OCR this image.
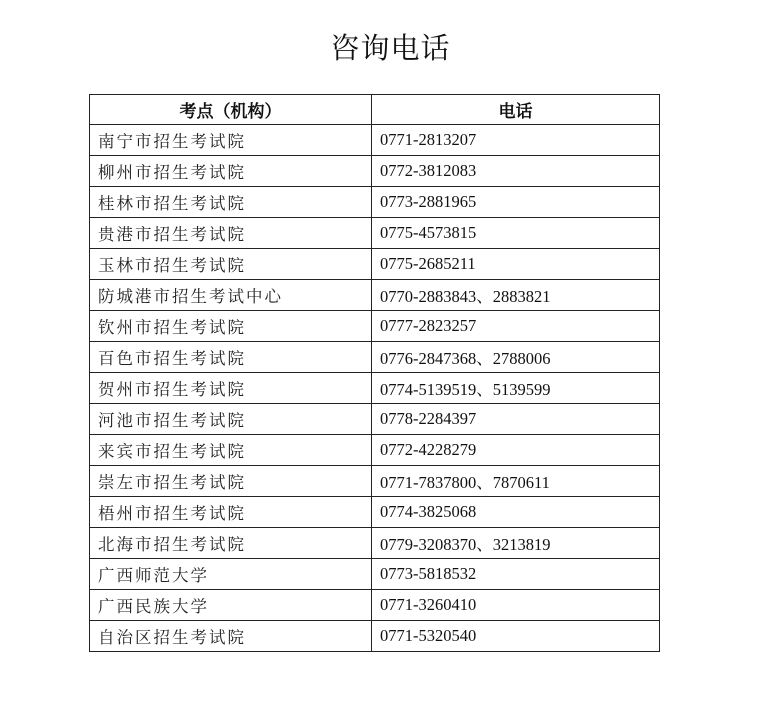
咨询电话
考点（机构）	电话
南宁市招生考试院	0771-2813207
柳州市招生考试院	0772-3812083
桂林市招生考试院	0773-2881965
贵港市招生考试院	0775-4573815
玉林市招生考试院	0775-2685211
防城港市招生考试中心	0770-2883843、2883821
钦州市招生考试院	0777-2823257
百色市招生考试院	0776-2847368、2788006
贺州市招生考试院	0774-5139519、5139599
河池市招生考试院	0778-2284397
来宾市招生考试院	0772-4228279
崇左市招生考试院	0771-7837800、7870611
梧州市招生考试院	0774-3825068
北海市招生考试院	0779-3208370、3213819
广西师范大学	0773-5818532
广西民族大学	0771-3260410
自治区招生考试院	0771-5320540
